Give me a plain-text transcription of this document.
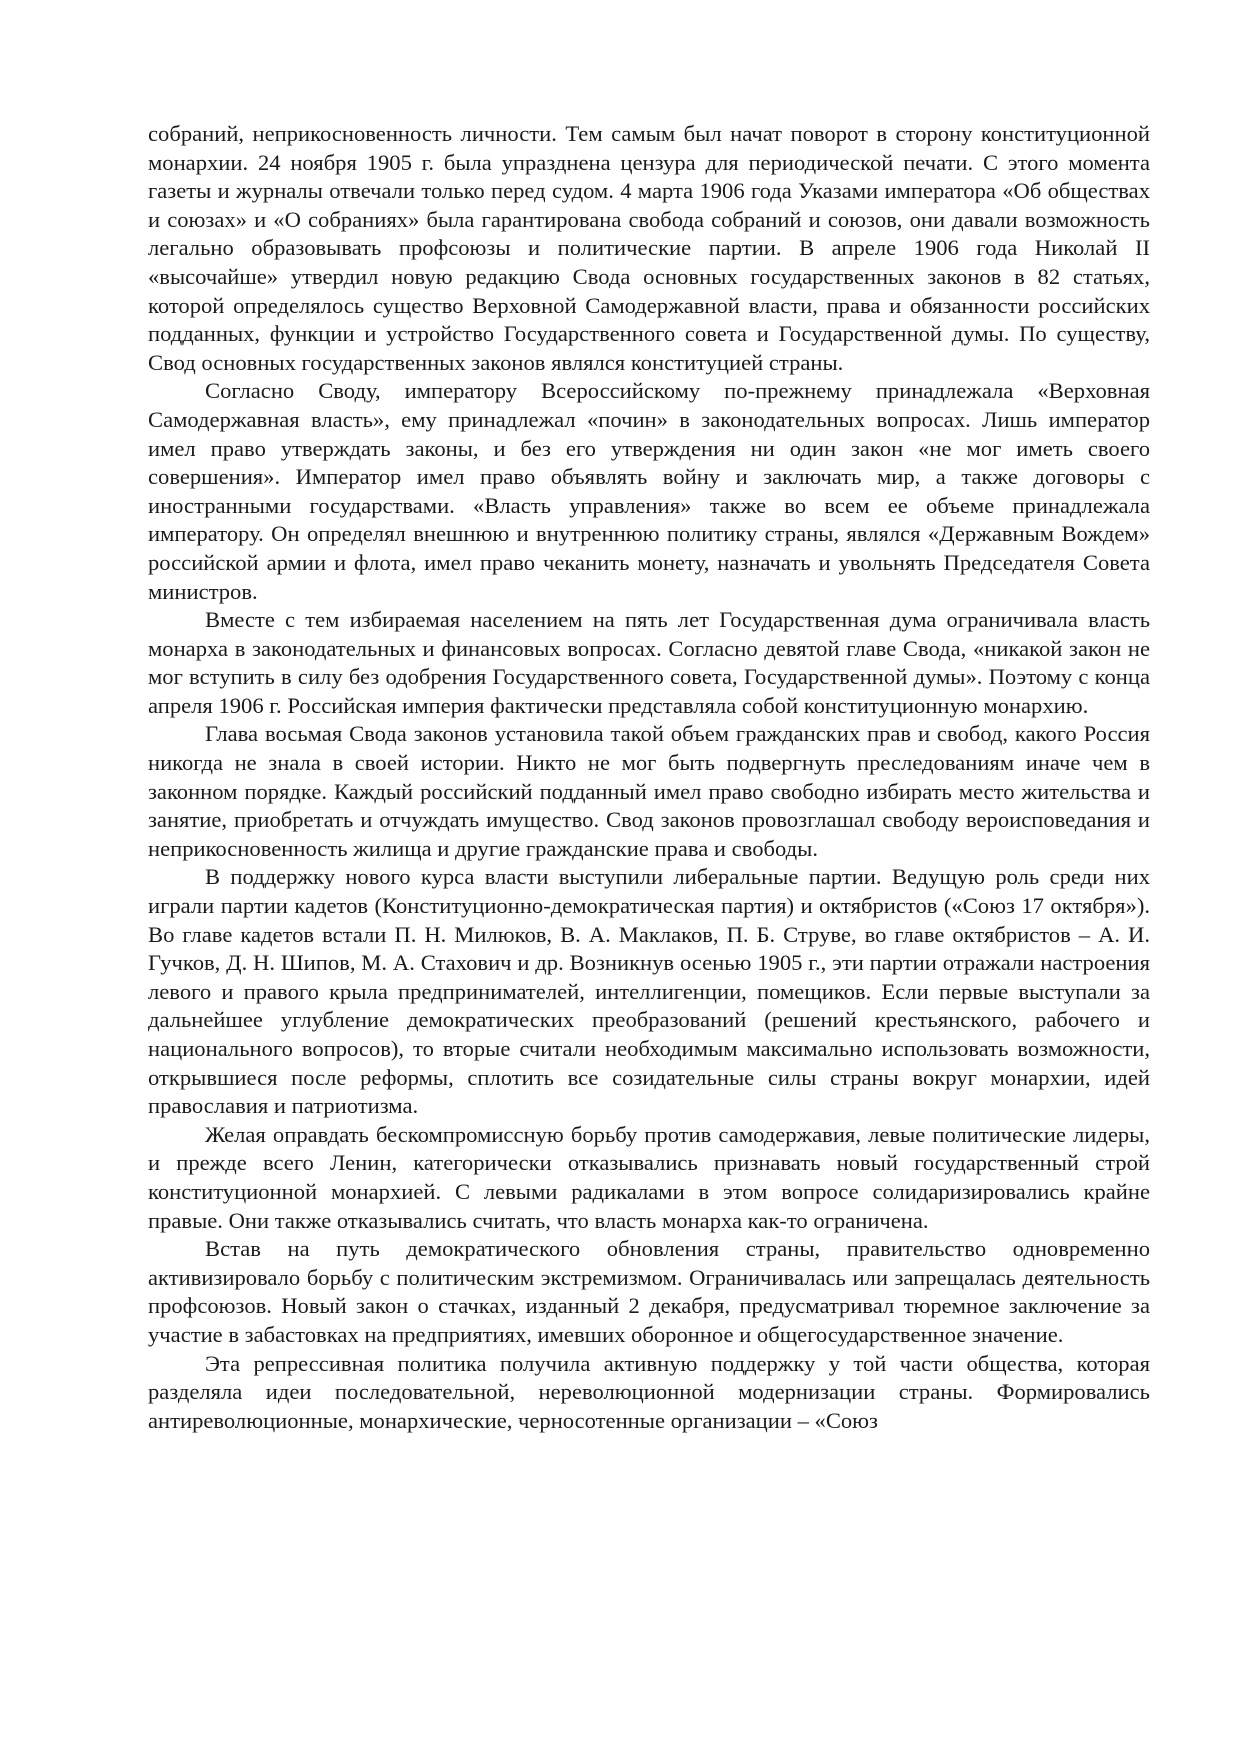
собраний, неприкосновенность личности. Тем самым был начат поворот в сторону конституционной монархии. 24 ноября 1905 г. была упразднена цензура для периодической печати. С этого момента газеты и журналы отвечали только перед судом. 4 марта 1906 года Указами императора «Об обществах и союзах» и «О собраниях» была гарантирована свобода собраний и союзов, они давали возможность легально образовывать профсоюзы и политические партии. В апреле 1906 года Николай II «высочайше» утвердил новую редакцию Свода основных государственных законов в 82 статьях, которой определялось существо Верховной Самодержавной власти, права и обязанности российских подданных, функции и устройство Государственного совета и Государственной думы. По существу, Свод основных государственных законов являлся конституцией страны.

Согласно Своду, императору Всероссийскому по-прежнему принадлежала «Верховная Самодержавная власть», ему принадлежал «почин» в законодательных вопросах. Лишь император имел право утверждать законы, и без его утверждения ни один закон «не мог иметь своего совершения». Император имел право объявлять войну и заключать мир, а также договоры с иностранными государствами. «Власть управления» также во всем ее объеме принадлежала императору. Он определял внешнюю и внутреннюю политику страны, являлся «Державным Вождем» российской армии и флота, имел право чеканить монету, назначать и увольнять Председателя Совета министров.

Вместе с тем избираемая населением на пять лет Государственная дума ограничивала власть монарха в законодательных и финансовых вопросах. Согласно девятой главе Свода, «никакой закон не мог вступить в силу без одобрения Государственного совета, Государственной думы». Поэтому с конца апреля 1906 г. Российская империя фактически представляла собой конституционную монархию.

Глава восьмая Свода законов установила такой объем гражданских прав и свобод, какого Россия никогда не знала в своей истории. Никто не мог быть подвергнуть преследованиям иначе чем в законном порядке. Каждый российский подданный имел право свободно избирать место жительства и занятие, приобретать и отчуждать имущество. Свод законов провозглашал свободу вероисповедания и неприкосновенность жилища и другие гражданские права и свободы.

В поддержку нового курса власти выступили либеральные партии. Ведущую роль среди них играли партии кадетов (Конституционно-демократическая партия) и октябристов («Союз 17 октября»). Во главе кадетов встали П. Н. Милюков, В. А. Маклаков, П. Б. Струве, во главе октябристов – А. И. Гучков, Д. Н. Шипов, М. А. Стахович и др. Возникнув осенью 1905 г., эти партии отражали настроения левого и правого крыла предпринимателей, интеллигенции, помещиков. Если первые выступали за дальнейшее углубление демократических преобразований (решений крестьянского, рабочего и национального вопросов), то вторые считали необходимым максимально использовать возможности, открывшиеся после реформы, сплотить все созидательные силы страны вокруг монархии, идей православия и патриотизма.

Желая оправдать бескомпромиссную борьбу против самодержавия, левые политические лидеры, и прежде всего Ленин, категорически отказывались признавать новый государственный строй конституционной монархией. С левыми радикалами в этом вопросе солидаризировались крайне правые. Они также отказывались считать, что власть монарха как-то ограничена.

Встав на путь демократического обновления страны, правительство одновременно активизировало борьбу с политическим экстремизмом. Ограничивалась или запрещалась деятельность профсоюзов. Новый закон о стачках, изданный 2 декабря, предусматривал тюремное заключение за участие в забастовках на предприятиях, имевших оборонное и общегосударственное значение.

Эта репрессивная политика получила активную поддержку у той части общества, которая разделяла идеи последовательной, нереволюционной модернизации страны. Формировались антиреволюционные, монархические, черносотенные организации – «Союз
